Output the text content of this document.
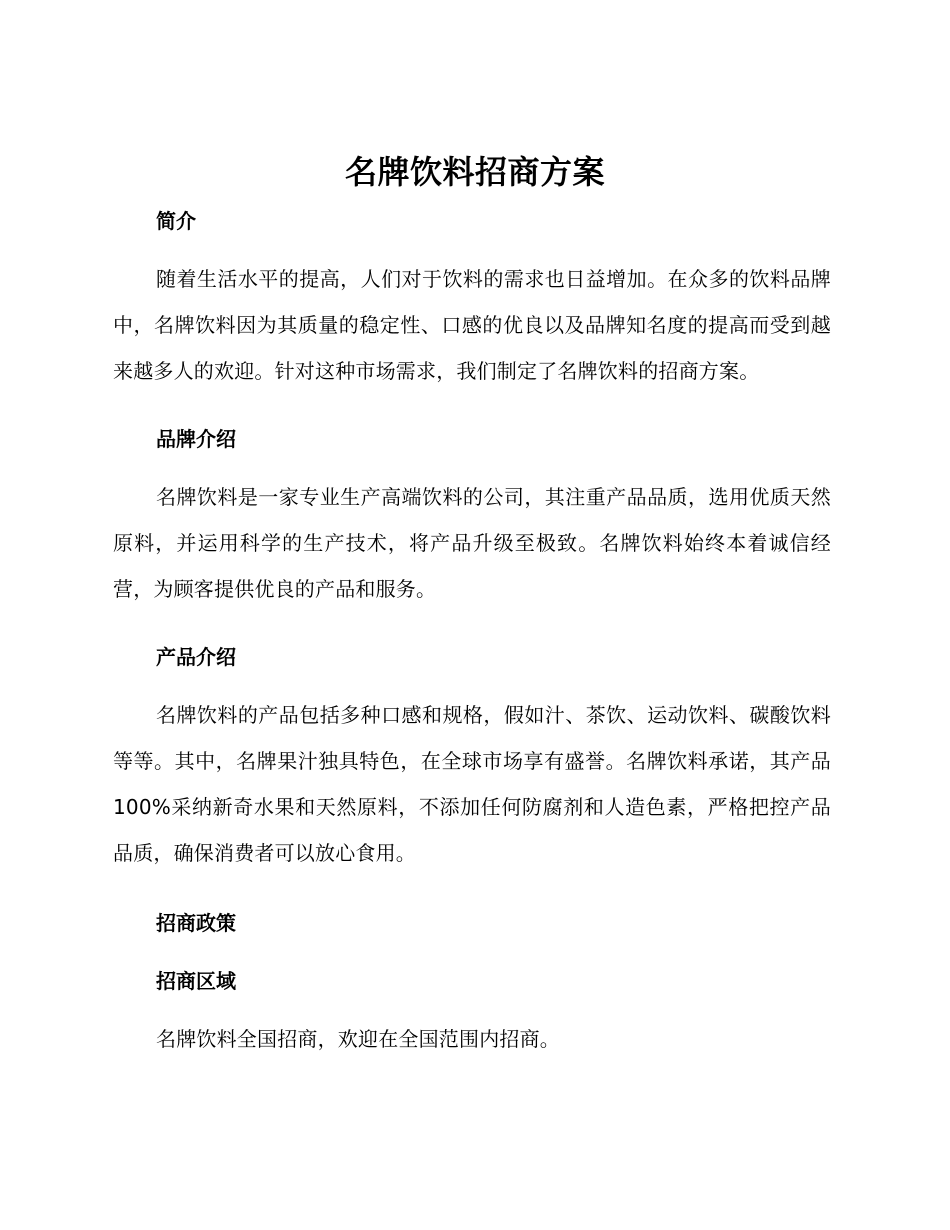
名牌饮料招商方案

简介

随着生活水平的提高，人们对于饮料的需求也日益增加。在众多的饮料品牌中，名牌饮料因为其质量的稳定性、口感的优良以及品牌知名度的提高而受到越来越多人的欢迎。针对这种市场需求，我们制定了名牌饮料的招商方案。

品牌介绍

名牌饮料是一家专业生产高端饮料的公司，其注重产品品质，选用优质天然原料，并运用科学的生产技术，将产品升级至极致。名牌饮料始终本着诚信经营，为顾客提供优良的产品和服务。

产品介绍

名牌饮料的产品包括多种口感和规格，假如汁、茶饮、运动饮料、碳酸饮料等等。其中，名牌果汁独具特色，在全球市场享有盛誉。名牌饮料承诺，其产品 100%采纳新奇水果和天然原料，不添加任何防腐剂和人造色素，严格把控产品品质，确保消费者可以放心食用。

招商政策

招商区域

名牌饮料全国招商，欢迎在全国范围内招商。
